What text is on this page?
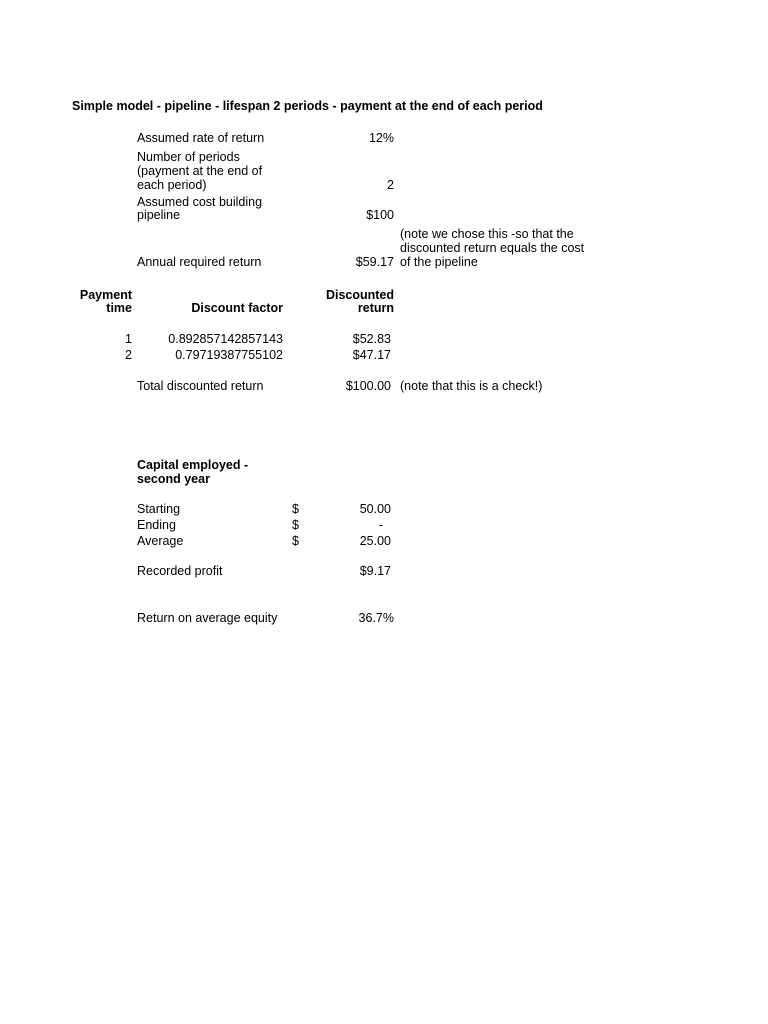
Simple model - pipeline - lifespan 2 periods - payment at the end of each period
Assumed rate of return	12%
Number of periods
(payment at the end of
each period)	2
Assumed cost building
pipeline	$100
(note we chose this -so that the
discounted return equals the cost
of the pipeline
Annual required return	$59.17
Payment
time	Discount factor
Discounted
return
1	0.892857142857143	$52.83
2	0.79719387755102	$47.17
Total discounted return	$100.00 (note that this is a check!)
Capital employed -
second year
Starting	$	50.00
Ending	$	-
Average	$	25.00
Recorded profit	$9.17
Return on average equity	36.7%
